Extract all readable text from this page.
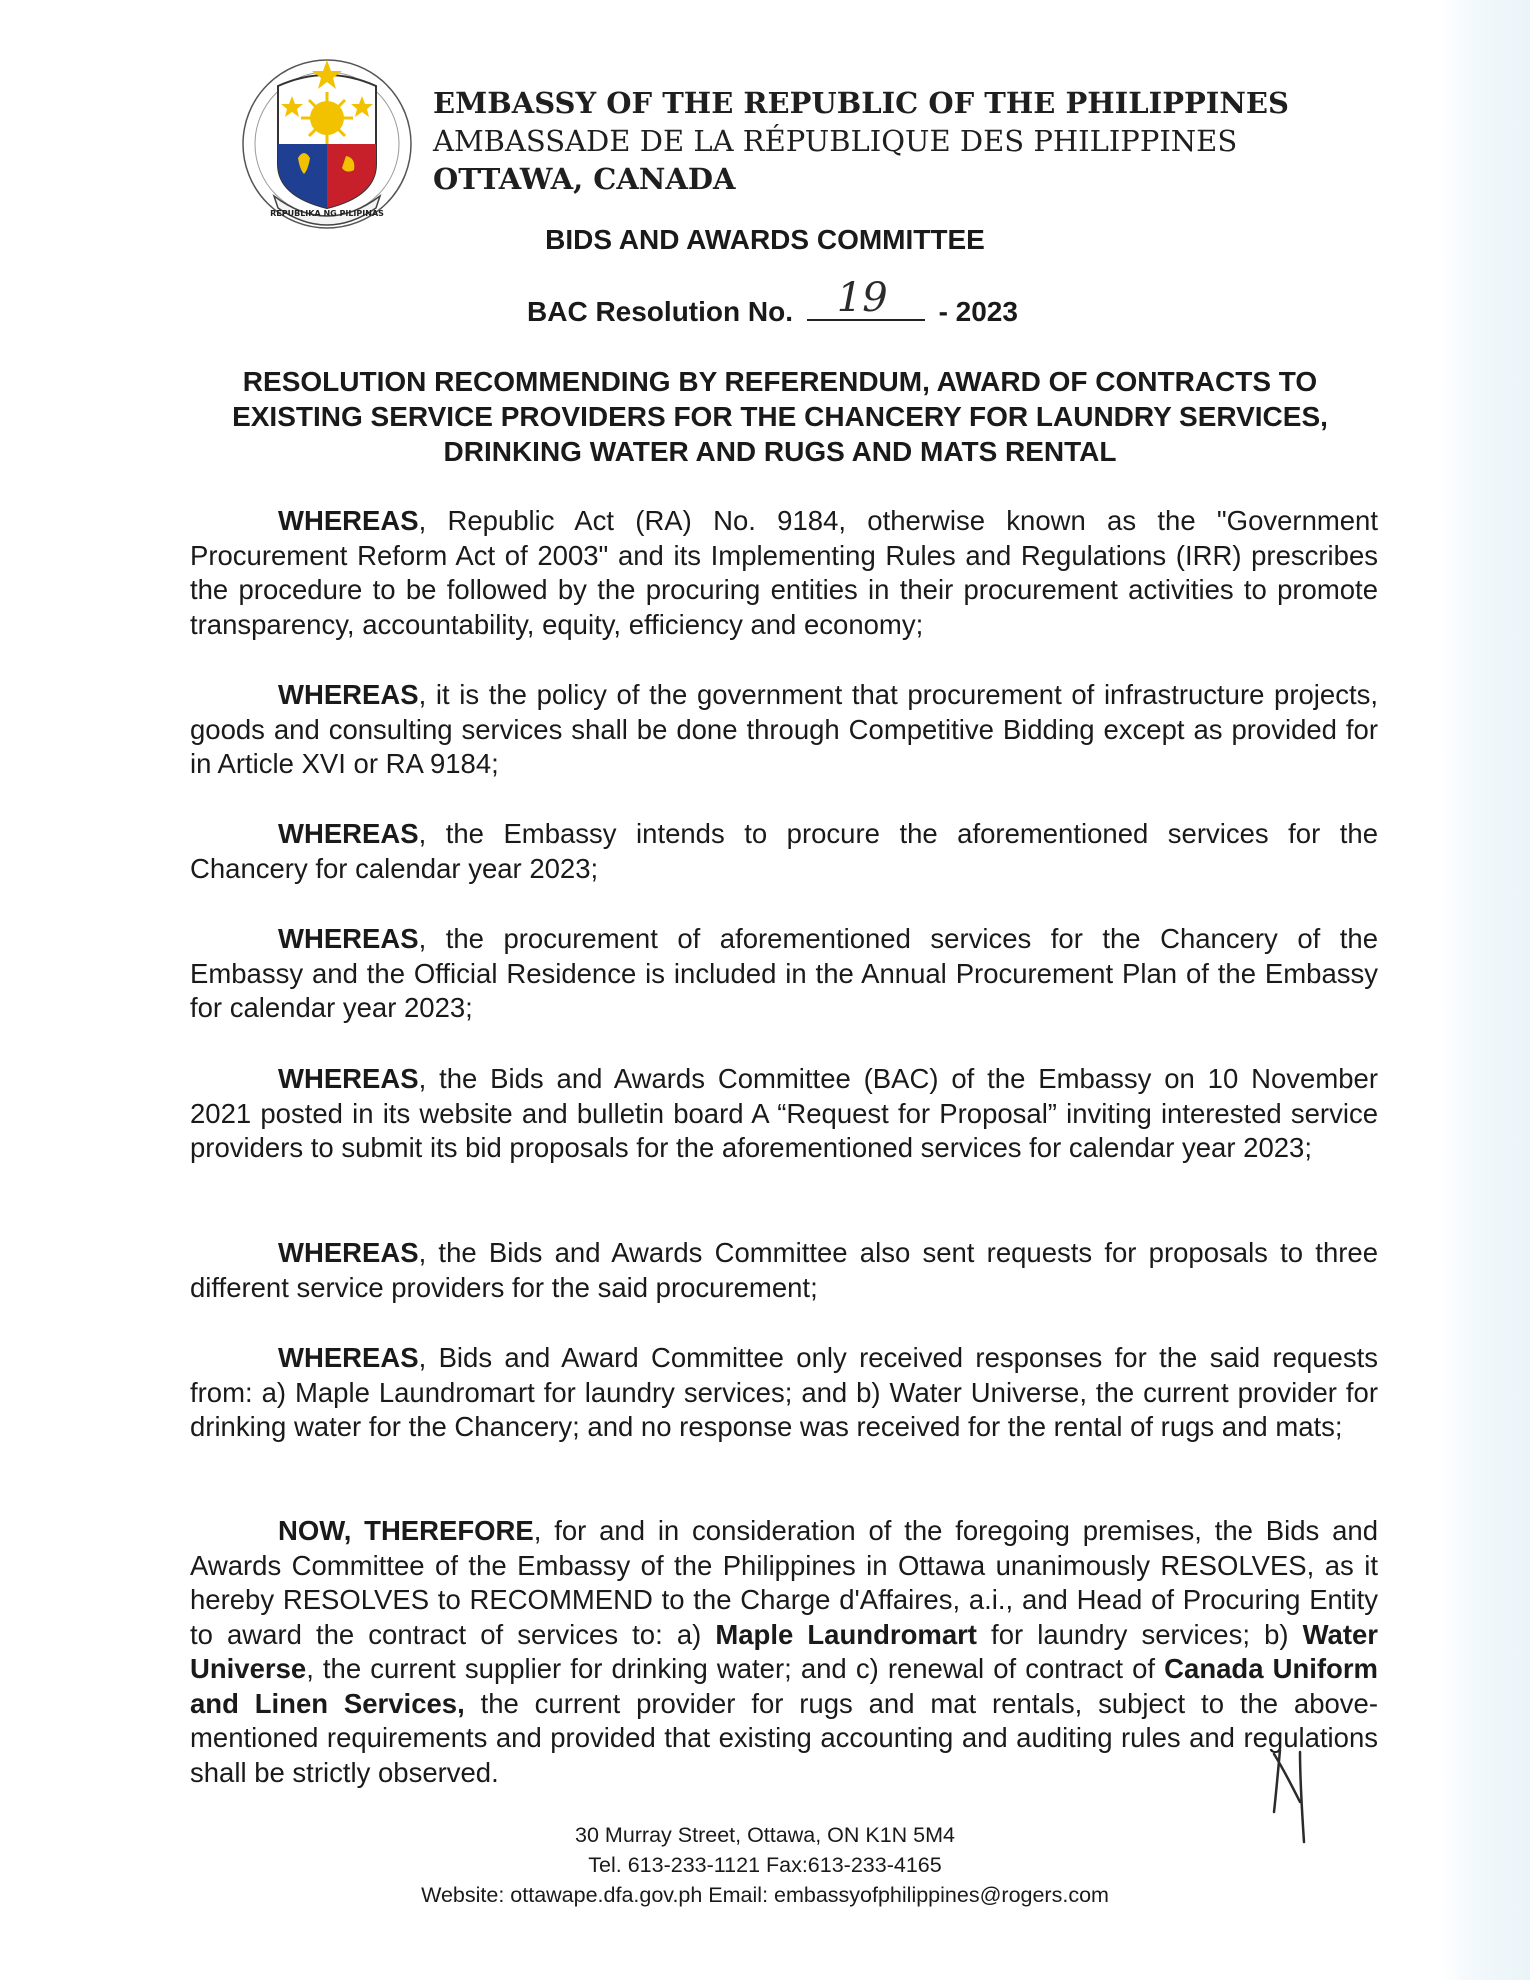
REPUBLIKA NG PILIPINAS
EMBASSY OF THE REPUBLIC OF THE PHILIPPINES
AMBASSADE DE LA RÉPUBLIQUE DES PHILIPPINES
OTTAWA, CANADA
BIDS AND AWARDS COMMITTEE
BAC Resolution No. 19 - 2023
RESOLUTION RECOMMENDING BY REFERENDUM, AWARD OF CONTRACTS TO EXISTING SERVICE PROVIDERS FOR THE CHANCERY FOR LAUNDRY SERVICES, DRINKING WATER AND RUGS AND MATS RENTAL
WHEREAS, Republic Act (RA) No. 9184, otherwise known as the "Government Procurement Reform Act of 2003" and its Implementing Rules and Regulations (IRR) prescribes the procedure to be followed by the procuring entities in their procurement activities to promote transparency, accountability, equity, efficiency and economy;
WHEREAS, it is the policy of the government that procurement of infrastructure projects, goods and consulting services shall be done through Competitive Bidding except as provided for in Article XVI or RA 9184;
WHEREAS, the Embassy intends to procure the aforementioned services for the Chancery for calendar year 2023;
WHEREAS, the procurement of aforementioned services for the Chancery of the Embassy and the Official Residence is included in the Annual Procurement Plan of the Embassy for calendar year 2023;
WHEREAS, the Bids and Awards Committee (BAC) of the Embassy on 10 November 2021 posted in its website and bulletin board A “Request for Proposal” inviting interested service providers to submit its bid proposals for the aforementioned services for calendar year 2023;
WHEREAS, the Bids and Awards Committee also sent requests for proposals to three different service providers for the said procurement;
WHEREAS, Bids and Award Committee only received responses for the said requests from: a) Maple Laundromart for laundry services; and b) Water Universe, the current provider for drinking water for the Chancery; and no response was received for the rental of rugs and mats;
NOW, THEREFORE, for and in consideration of the foregoing premises, the Bids and Awards Committee of the Embassy of the Philippines in Ottawa unanimously RESOLVES, as it hereby RESOLVES to RECOMMEND to the Charge d'Affaires, a.i., and Head of Procuring Entity to award the contract of services to: a) Maple Laundromart for laundry services; b) Water Universe, the current supplier for drinking water; and c) renewal of contract of Canada Uniform and Linen Services, the current provider for rugs and mat rentals, subject to the above-mentioned requirements and provided that existing accounting and auditing rules and regulations shall be strictly observed.
30 Murray Street, Ottawa, ON K1N 5M4
Tel. 613-233-1121 Fax:613-233-4165
Website: ottawape.dfa.gov.ph Email: embassyofphilippines@rogers.com
